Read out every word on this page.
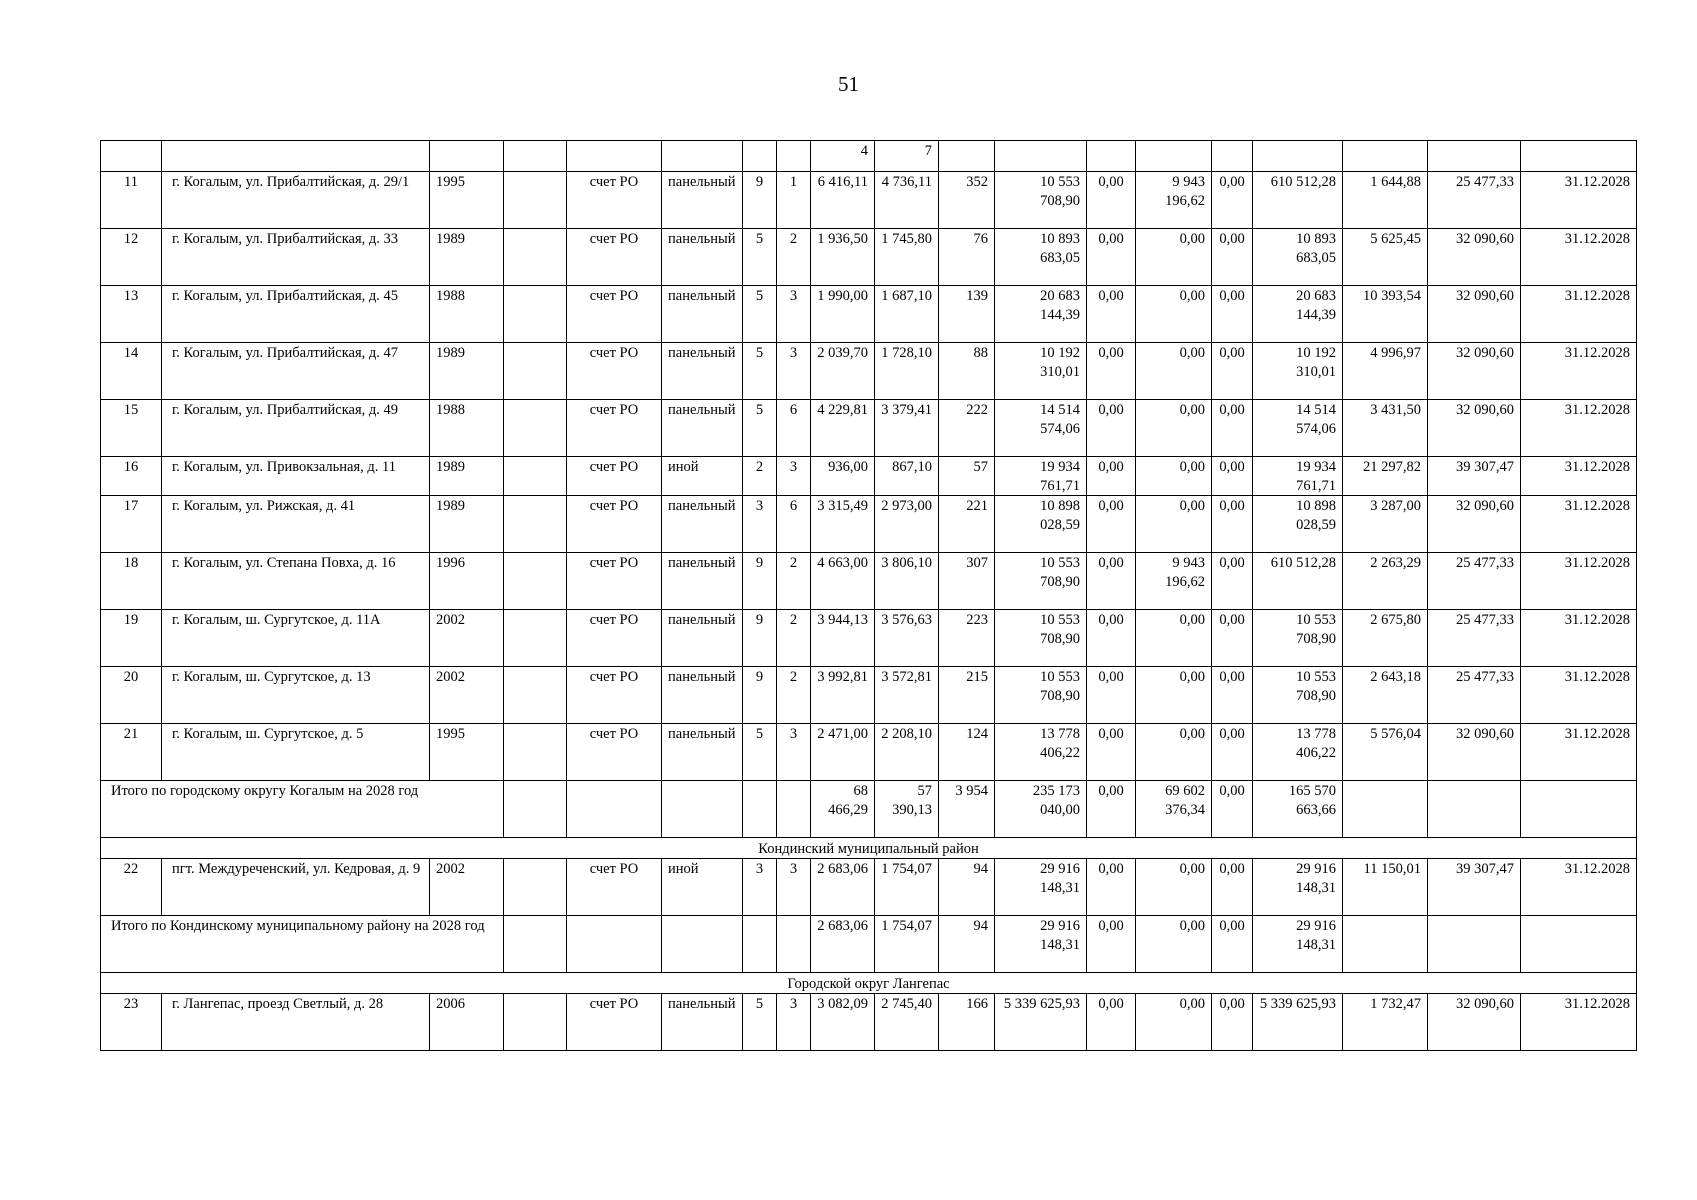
51
								4	7									
11	г. Когалым, ул. Прибалтийская, д. 29/1	1995		счет РО	панельный	9	1	6 416,11	4 736,11	352	10 553 708,90	0,00	9 943 196,62	0,00	610 512,28	1 644,88	25 477,33	31.12.2028
12	г. Когалым, ул. Прибалтийская, д. 33	1989		счет РО	панельный	5	2	1 936,50	1 745,80	76	10 893 683,05	0,00	0,00	0,00	10 893 683,05	5 625,45	32 090,60	31.12.2028
13	г. Когалым, ул. Прибалтийская, д. 45	1988		счет РО	панельный	5	3	1 990,00	1 687,10	139	20 683 144,39	0,00	0,00	0,00	20 683 144,39	10 393,54	32 090,60	31.12.2028
14	г. Когалым, ул. Прибалтийская, д. 47	1989		счет РО	панельный	5	3	2 039,70	1 728,10	88	10 192 310,01	0,00	0,00	0,00	10 192 310,01	4 996,97	32 090,60	31.12.2028
15	г. Когалым, ул. Прибалтийская, д. 49	1988		счет РО	панельный	5	6	4 229,81	3 379,41	222	14 514 574,06	0,00	0,00	0,00	14 514 574,06	3 431,50	32 090,60	31.12.2028
16	г. Когалым, ул. Привокзальная, д. 11	1989		счет РО	иной	2	3	936,00	867,10	57	19 934 761,71	0,00	0,00	0,00	19 934 761,71	21 297,82	39 307,47	31.12.2028
17	г. Когалым, ул. Рижская, д. 41	1989		счет РО	панельный	3	6	3 315,49	2 973,00	221	10 898 028,59	0,00	0,00	0,00	10 898 028,59	3 287,00	32 090,60	31.12.2028
18	г. Когалым, ул. Степана Повха, д. 16	1996		счет РО	панельный	9	2	4 663,00	3 806,10	307	10 553 708,90	0,00	9 943 196,62	0,00	610 512,28	2 263,29	25 477,33	31.12.2028
19	г. Когалым, ш. Сургутское, д. 11А	2002		счет РО	панельный	9	2	3 944,13	3 576,63	223	10 553 708,90	0,00	0,00	0,00	10 553 708,90	2 675,80	25 477,33	31.12.2028
20	г. Когалым, ш. Сургутское, д. 13	2002		счет РО	панельный	9	2	3 992,81	3 572,81	215	10 553 708,90	0,00	0,00	0,00	10 553 708,90	2 643,18	25 477,33	31.12.2028
21	г. Когалым, ш. Сургутское, д. 5	1995		счет РО	панельный	5	3	2 471,00	2 208,10	124	13 778 406,22	0,00	0,00	0,00	13 778 406,22	5 576,04	32 090,60	31.12.2028
Итого по городскому округу Когалым на 2028 год								68 466,29	57 390,13	3 954	235 173 040,00	0,00	69 602 376,34	0,00	165 570 663,66			
Кондинский муниципальный район																		
22	пгт. Междуреченский, ул. Кедровая, д. 9	2002		счет РО	иной	3	3	2 683,06	1 754,07	94	29 916 148,31	0,00	0,00	0,00	29 916 148,31	11 150,01	39 307,47	31.12.2028
Итого по Кондинскому муниципальному району на 2028 год								2 683,06	1 754,07	94	29 916 148,31	0,00	0,00	0,00	29 916 148,31			
Городской округ Лангепас																		
23	г. Лангепас, проезд Светлый, д. 28	2006		счет РО	панельный	5	3	3 082,09	2 745,40	166	5 339 625,93	0,00	0,00	0,00	5 339 625,93	1 732,47	32 090,60	31.12.2028
